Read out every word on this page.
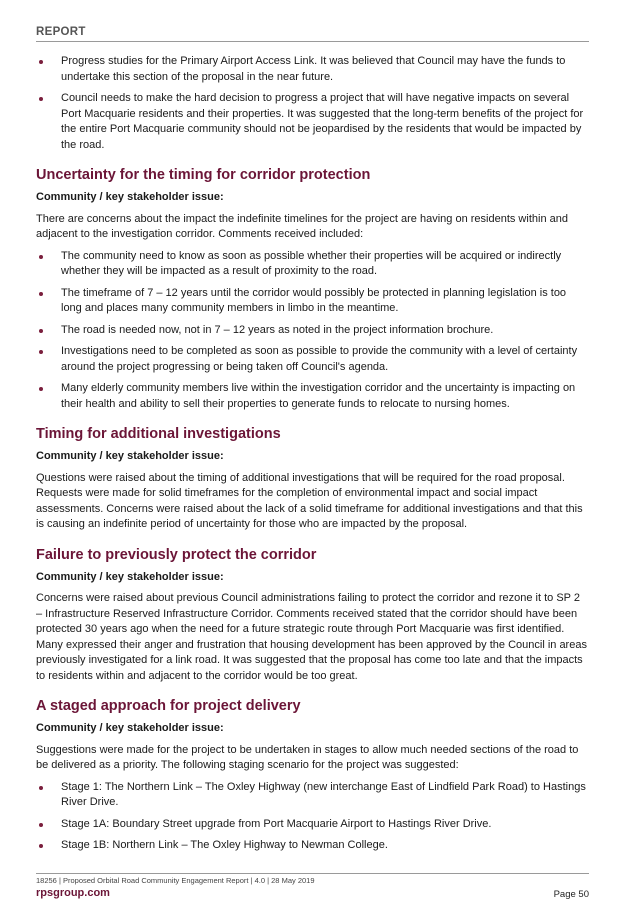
REPORT
Progress studies for the Primary Airport Access Link. It was believed that Council may have the funds to undertake this section of the proposal in the near future.
Council needs to make the hard decision to progress a project that will have negative impacts on several Port Macquarie residents and their properties. It was suggested that the long-term benefits of the project for the entire Port Macquarie community should not be jeopardised by the residents that would be impacted by the road.
Uncertainty for the timing for corridor protection
Community / key stakeholder issue:

There are concerns about the impact the indefinite timelines for the project are having on residents within and adjacent to the investigation corridor. Comments received included:

The community need to know as soon as possible whether their properties will be acquired or indirectly whether they will be impacted as a result of proximity to the road.
The timeframe of 7 – 12 years until the corridor would possibly be protected in planning legislation is too long and places many community members in limbo in the meantime.
The road is needed now, not in 7 – 12 years as noted in the project information brochure.
Investigations need to be completed as soon as possible to provide the community with a level of certainty around the project progressing or being taken off Council's agenda.
Many elderly community members live within the investigation corridor and the uncertainty is impacting on their health and ability to sell their properties to generate funds to relocate to nursing homes.
Timing for additional investigations
Community / key stakeholder issue:

Questions were raised about the timing of additional investigations that will be required for the road proposal. Requests were made for solid timeframes for the completion of environmental impact and social impact assessments. Concerns were raised about the lack of a solid timeframe for additional investigations and that this is causing an indefinite period of uncertainty for those who are impacted by the proposal.

Failure to previously protect the corridor
Community / key stakeholder issue:

Concerns were raised about previous Council administrations failing to protect the corridor and rezone it to SP 2 – Infrastructure Reserved Infrastructure Corridor. Comments received stated that the corridor should have been protected 30 years ago when the need for a future strategic route through Port Macquarie was first identified. Many expressed their anger and frustration that housing development has been approved by the Council in areas previously investigated for a link road. It was suggested that the proposal has come too late and that the impacts to residents within and adjacent to the corridor would be too great.

A staged approach for project delivery
Community / key stakeholder issue:

Suggestions were made for the project to be undertaken in stages to allow much needed sections of the road to be delivered as a priority. The following staging scenario for the project was suggested:

Stage 1: The Northern Link – The Oxley Highway (new interchange East of Lindfield Park Road) to Hastings River Drive.
Stage 1A: Boundary Street upgrade from Port Macquarie Airport to Hastings River Drive.
Stage 1B: Northern Link – The Oxley Highway to Newman College.
18256 | Proposed Orbital Road Community Engagement Report | 4.0 | 28 May 2019
rpsgroup.com	Page 50
